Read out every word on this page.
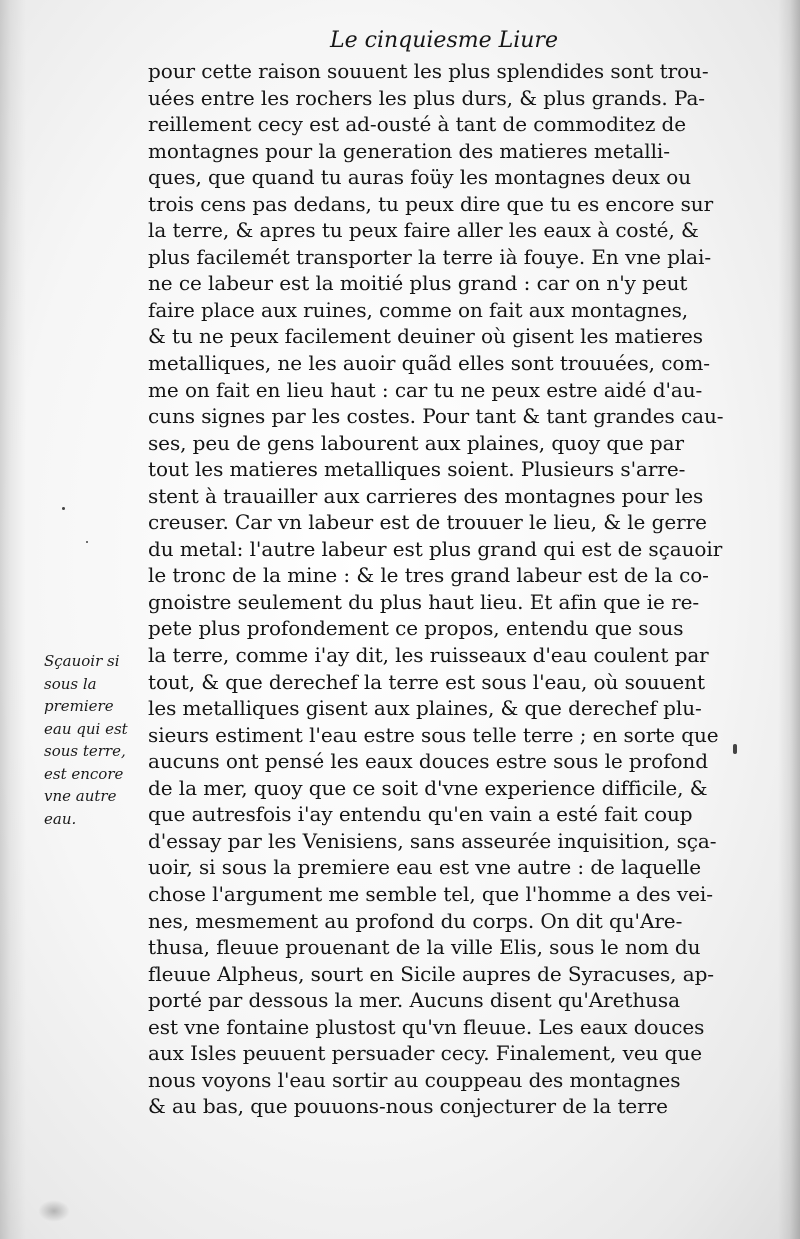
Le cinquiesme Liure
pour cette raison souuent les plus splendides sont trou-
uées entre les rochers les plus durs, & plus grands. Pa-
reillement cecy est ad-ousté à tant de commoditez de
montagnes pour la generation des matieres metalli-
ques, que quand tu auras foüy les montagnes deux ou
trois cens pas dedans, tu peux dire que tu es encore sur
la terre, & apres tu peux faire aller les eaux à costé, &
plus facilemét transporter la terre ià fouye. En vne plai-
ne ce labeur est la moitié plus grand : car on n'y peut
faire place aux ruines, comme on fait aux montagnes,
& tu ne peux facilement deuiner où gisent les matieres
metalliques, ne les auoir quãd elles sont trouuées, com-
me on fait en lieu haut : car tu ne peux estre aidé d'au-
cuns signes par les costes. Pour tant & tant grandes cau-
ses, peu de gens labourent aux plaines, quoy que par
tout les matieres metalliques soient. Plusieurs s'arre-
stent à trauailler aux carrieres des montagnes pour les
creuser. Car vn labeur est de trouuer le lieu, & le gerre
du metal: l'autre labeur est plus grand qui est de sçauoir
le tronc de la mine : & le tres grand labeur est de la co-
gnoistre seulement du plus haut lieu. Et afin que ie re-
pete plus profondement ce propos, entendu que sous
la terre, comme i'ay dit, les ruisseaux d'eau coulent par
tout, & que derechef la terre est sous l'eau, où souuent
les metalliques gisent aux plaines, & que derechef plu-
sieurs estiment l'eau estre sous telle terre ; en sorte que
aucuns ont pensé les eaux douces estre sous le profond
de la mer, quoy que ce soit d'vne experience difficile, &
que autresfois i'ay entendu qu'en vain a esté fait coup
d'essay par les Venisiens, sans asseurée inquisition, sça-
uoir, si sous la premiere eau est vne autre : de laquelle
chose l'argument me semble tel, que l'homme a des vei-
nes, mesmement au profond du corps. On dit qu'Are-
thusa, fleuue prouenant de la ville Elis, sous le nom du
fleuue Alpheus, sourt en Sicile aupres de Syracuses, ap-
porté par dessous la mer. Aucuns disent qu'Arethusa
est vne fontaine plustost qu'vn fleuue. Les eaux douces
aux Isles peuuent persuader cecy. Finalement, veu que
nous voyons l'eau sortir au couppeau des montagnes
& au bas, que pouuons-nous conjecturer de la terre
Sçauoir si
sous la
premiere
eau qui est
sous terre,
est encore
vne autre
eau.
